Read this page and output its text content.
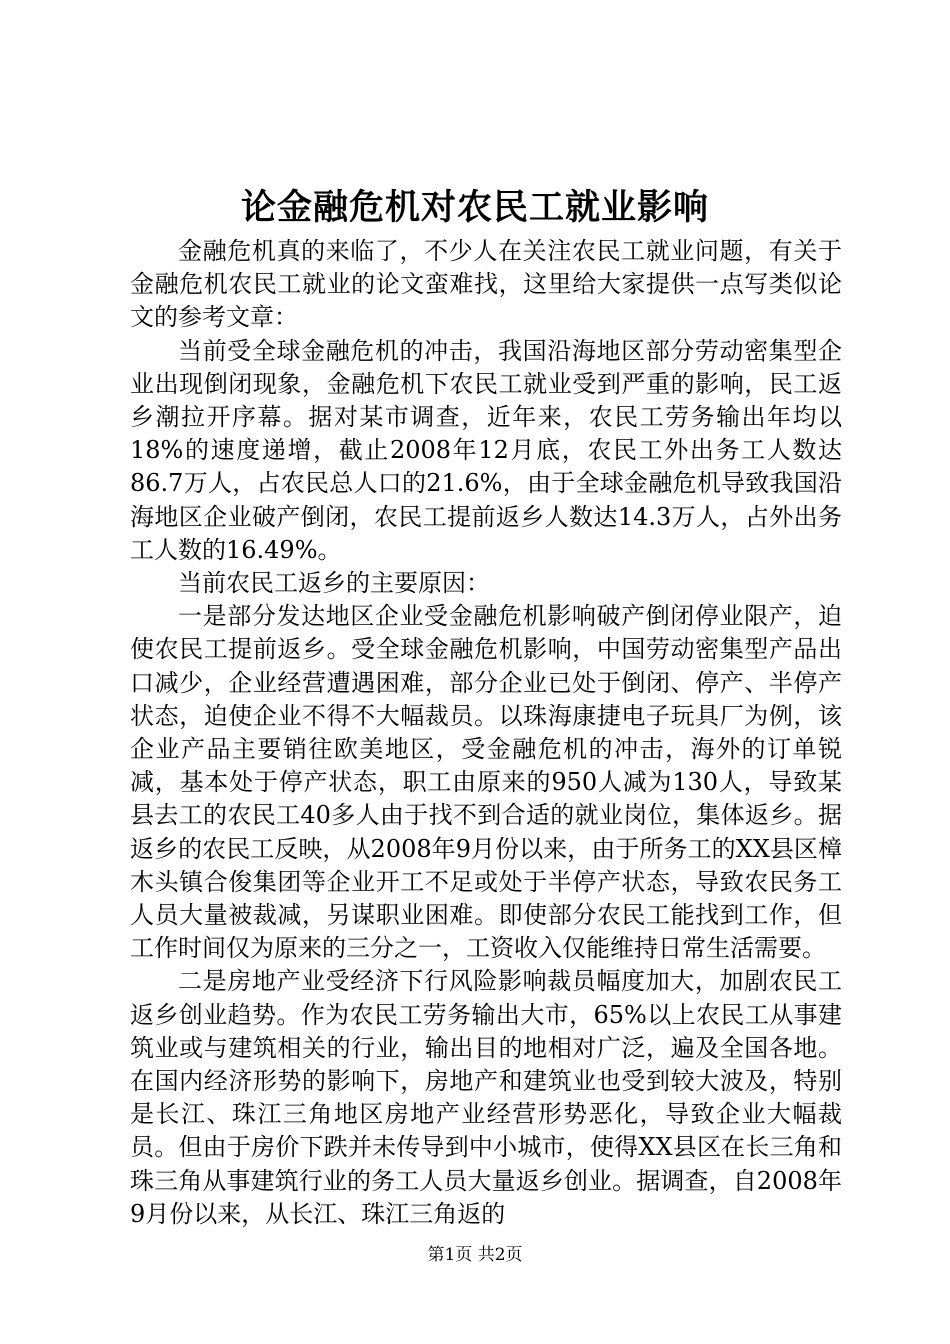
论金融危机对农民工就业影响

金融危机真的来临了，不少人在关注农民工就业问题，有关于金融危机农民工就业的论文蛮难找，这里给大家提供一点写类似论文的参考文章：

当前受全球金融危机的冲击，我国沿海地区部分劳动密集型企业出现倒闭现象，金融危机下农民工就业受到严重的影响，民工返乡潮拉开序幕。据对某市调查，近年来，农民工劳务输出年均以18%的速度递增，截止2008年12月底，农民工外出务工人数达86.7万人，占农民总人口的21.6%，由于全球金融危机导致我国沿海地区企业破产倒闭，农民工提前返乡人数达14.3万人，占外出务工人数的16.49%。

当前农民工返乡的主要原因：

一是部分发达地区企业受金融危机影响破产倒闭停业限产，迫使农民工提前返乡。受全球金融危机影响，中国劳动密集型产品出口减少，企业经营遭遇困难，部分企业已处于倒闭、停产、半停产状态，迫使企业不得不大幅裁员。以珠海康捷电子玩具厂为例，该企业产品主要销往欧美地区，受金融危机的冲击，海外的订单锐减，基本处于停产状态，职工由原来的950人减为130人，导致某县去工的农民工40多人由于找不到合适的就业岗位，集体返乡。据返乡的农民工反映，从2008年9月份以来，由于所务工的XX县区樟木头镇合俊集团等企业开工不足或处于半停产状态，导致农民务工人员大量被裁减，另谋职业困难。即使部分农民工能找到工作，但工作时间仅为原来的三分之一，工资收入仅能维持日常生活需要。

二是房地产业受经济下行风险影响裁员幅度加大，加剧农民工返乡创业趋势。作为农民工劳务输出大市，65%以上农民工从事建筑业或与建筑相关的行业，输出目的地相对广泛，遍及全国各地。在国内经济形势的影响下，房地产和建筑业也受到较大波及，特别是长江、珠江三角地区房地产业经营形势恶化，导致企业大幅裁员。但由于房价下跌并未传导到中小城市，使得XX县区在长三角和珠三角从事建筑行业的务工人员大量返乡创业。据调查，自2008年9月份以来，从长江、珠江三角返的

第1页 共2页
